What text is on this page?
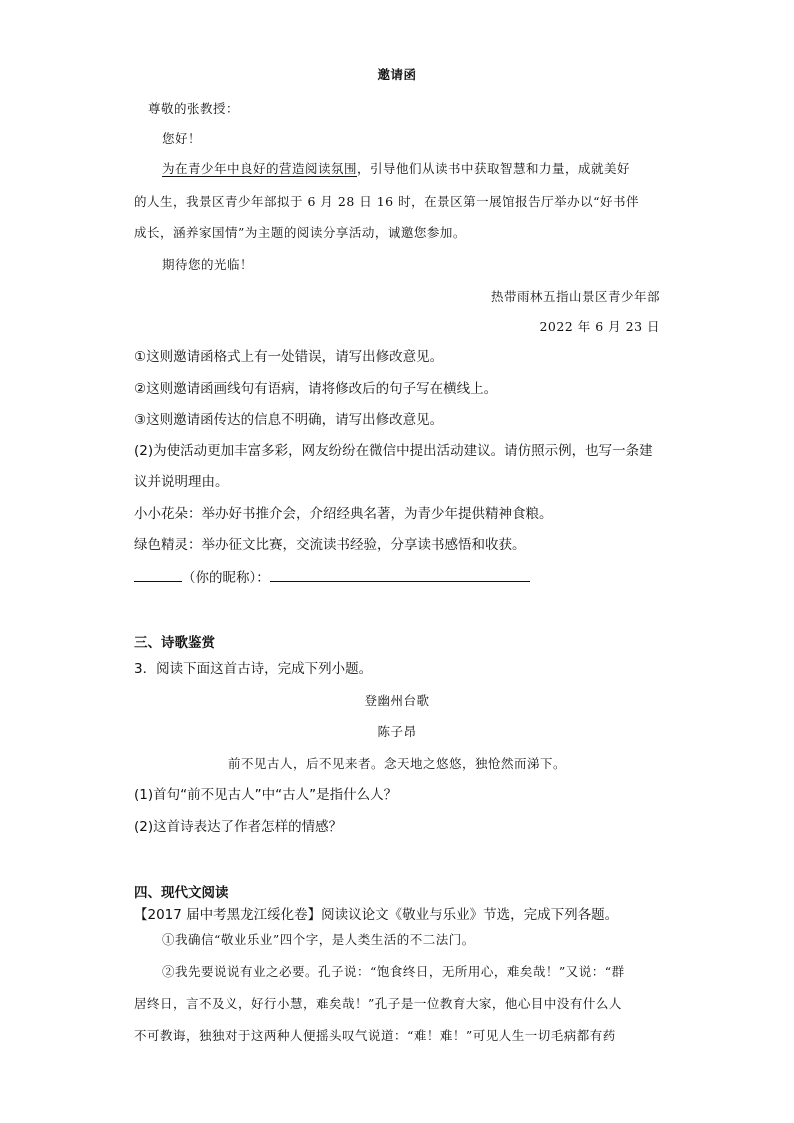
邀请函
尊敬的张教授：
您好！
为在青少年中良好的营造阅读氛围，引导他们从读书中获取智慧和力量，成就美好
的人生，我景区青少年部拟于 6 月 28 日 16 时，在景区第一展馆报告厅举办以“好书伴
成长，涵养家国情”为主题的阅读分享活动，诚邀您参加。
期待您的光临！
热带雨林五指山景区青少年部
2022 年 6 月 23 日
①这则邀请函格式上有一处错误，请写出修改意见。
②这则邀请函画线句有语病，请将修改后的句子写在横线上。
③这则邀请函传达的信息不明确，请写出修改意见。
(2)为使活动更加丰富多彩，网友纷纷在微信中提出活动建议。请仿照示例，也写一条建
议并说明理由。
小小花朵：举办好书推介会，介绍经典名著，为青少年提供精神食粮。
绿色精灵：举办征文比赛，交流读书经验，分享读书感悟和收获。
（你的昵称）：
三、诗歌鉴赏
3．阅读下面这首古诗，完成下列小题。
登幽州台歌
陈子昂
前不见古人，后不见来者。念天地之悠悠，独怆然而涕下。
(1)首句“前不见古人”中“古人”是指什么人？
(2)这首诗表达了作者怎样的情感？
四、现代文阅读
【2017 届中考黑龙江绥化卷】阅读议论文《敬业与乐业》节选，完成下列各题。
①我确信“敬业乐业”四个字，是人类生活的不二法门。
②我先要说说有业之必要。孔子说：“饱食终日，无所用心，难矣哉！”又说：“群
居终日，言不及义，好行小慧，难矣哉！”孔子是一位教育大家，他心目中没有什么人
不可教诲，独独对于这两种人便摇头叹气说道：“难！难！”可见人生一切毛病都有药
